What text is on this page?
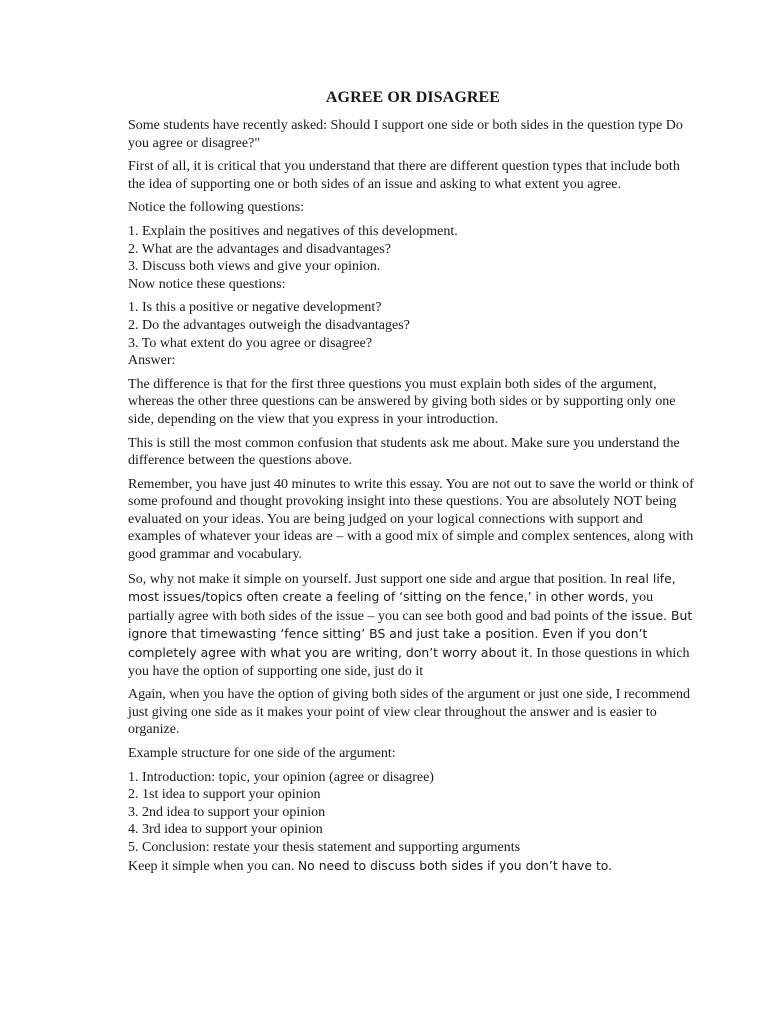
AGREE OR DISAGREE

Some students have recently asked: Should I support one side or both sides in the question type Do you agree or disagree?"

First of all, it is critical that you understand that there are different question types that include both the idea of supporting one or both sides of an issue and asking to what extent you agree.

Notice the following questions:

1. Explain the positives and negatives of this development.
2. What are the advantages and disadvantages?
3. Discuss both views and give your opinion.

Now notice these questions:

1. Is this a positive or negative development?
2. Do the advantages outweigh the disadvantages?
3. To what extent do you agree or disagree?

Answer:

The difference is that for the first three questions you must explain both sides of the argument, whereas the other three questions can be answered by giving both sides or by supporting only one side, depending on the view that you express in your introduction.

This is still the most common confusion that students ask me about. Make sure you understand the difference between the questions above.

Remember, you have just 40 minutes to write this essay. You are not out to save the world or think of some profound and thought provoking insight into these questions. You are absolutely NOT being evaluated on your ideas. You are being judged on your logical connections with support and examples of whatever your ideas are – with a good mix of simple and complex sentences, along with good grammar and vocabulary.

So, why not make it simple on yourself. Just support one side and argue that position. In real life, most issues/topics often create a feeling of ‘sitting on the fence,’ in other words, you partially agree with both sides of the issue – you can see both good and bad points of the issue. But ignore that timewasting ‘fence sitting’ BS and just take a position. Even if you don’t completely agree with what you are writing, don’t worry about it. In those questions in which you have the option of supporting one side, just do it

Again, when you have the option of giving both sides of the argument or just one side, I recommend just giving one side as it makes your point of view clear throughout the answer and is easier to organize.

Example structure for one side of the argument:

1. Introduction: topic, your opinion (agree or disagree)
2. 1st idea to support your opinion
3. 2nd idea to support your opinion
4. 3rd idea to support your opinion
5. Conclusion: restate your thesis statement and supporting arguments

Keep it simple when you can. No need to discuss both sides if you don’t have to.
